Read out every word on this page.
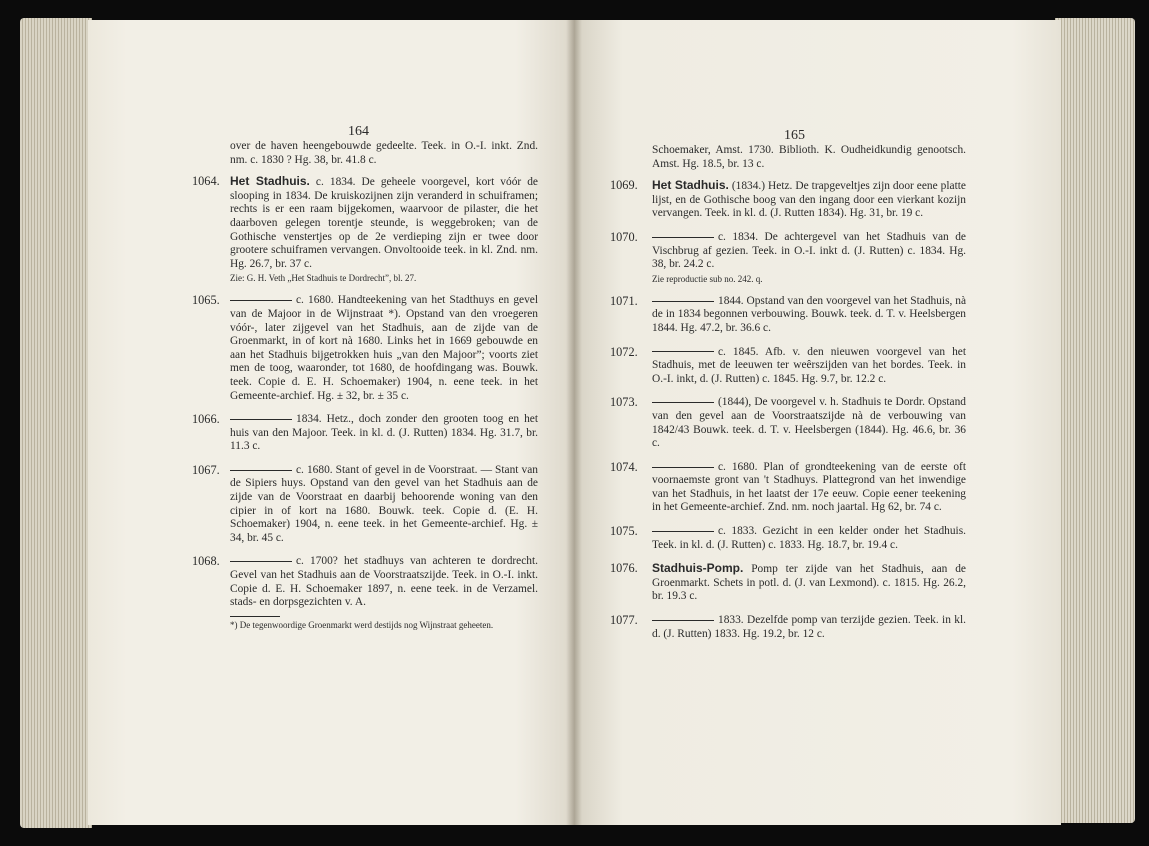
164	165
over de haven heengebouwde gedeelte. Teek. in O.-I. inkt. Znd. nm. c. 1830 ? Hg. 38, br. 41.8 c.
1064. Het Stadhuis. c. 1834. De geheele voorgevel, kort vóór de slooping in 1834. De kruiskozijnen zijn veranderd in schuiframen; rechts is er een raam bijgekomen, waarvoor de pilaster, die het daarboven gelegen torentje steunde, is weggebroken; van de Gothische venstertjes op de 2e verdieping zijn er twee door grootere schuiframen vervangen. Onvoltooide teek. in kl. Znd. nm. Hg. 26.7, br. 37 c.
Zie: G. H. Veth „Het Stadhuis te Dordrecht”, bl. 27.
1065.	c. 1680. Handteekening van het Stadthuys en gevel van de Majoor in de Wijnstraat *). Opstand van den vroegeren vóór-, later zijgevel van het Stadhuis, aan de zijde van de Groenmarkt, in of kort nà 1680. Links het in 1669 gebouwde en aan het Stadhuis bijgetrokken huis „van den Majoor”; voorts ziet men de toog, waaronder, tot 1680, de hoofdingang was. Bouwk. teek. Copie d. E. H. Schoemaker) 1904, n. eene teek. in het Gemeente-archief. Hg. ± 32, br. ± 35 c.
1066.	1834. Hetz., doch zonder den grooten toog en het huis van den Majoor. Teek. in kl. d. (J. Rutten) 1834. Hg. 31.7, br. 11.3 c.
1067.	c. 1680. Stant of gevel in de Voorstraat. — Stant van de Sipiers huys. Opstand van den gevel van het Stadhuis aan de zijde van de Voorstraat en daarbij behoorende woning van den cipier in of kort na 1680. Bouwk. teek. Copie d. (E. H. Schoemaker) 1904, n. eene teek. in het Gemeente-archief. Hg. ± 34, br. 45 c.
1068.	c. 1700? het stadhuys van achteren te dordrecht. Gevel van het Stadhuis aan de Voorstraatszijde. Teek. in O.-I. inkt. Copie d. E. H. Schoemaker 1897, n. eene teek. in de Verzamel. stads- en dorpsgezichten v. A.
*) De tegenwoordige Groenmarkt werd destijds nog Wijnstraat geheeten.
Schoemaker, Amst. 1730. Biblioth. K. Oudheidkundig genootsch. Amst. Hg. 18.5, br. 13 c.
1069.	Het Stadhuis. (1834.) Hetz. De trapgeveltjes zijn door eene platte lijst, en de Gothische boog van den ingang door een vierkant kozijn vervangen. Teek. in kl. d. (J. Rutten 1834). Hg. 31, br. 19 c.
1070.	c. 1834. De achtergevel van het Stadhuis van de Vischbrug af gezien. Teek. in O.-I. inkt d. (J. Rutten) c. 1834. Hg. 38, br. 24.2 c.
Zie reproductie sub no. 242. q.
1071.	1844. Opstand van den voorgevel van het Stadhuis, nà de in 1834 begonnen verbouwing. Bouwk. teek. d. T. v. Heelsbergen 1844. Hg. 47.2, br. 36.6 c.
1072.	c. 1845. Afb. v. den nieuwen voorgevel van het Stadhuis, met de leeuwen ter weêrszijden van het bordes. Teek. in O.-I. inkt, d. (J. Rutten) c. 1845. Hg. 9.7, br. 12.2 c.
1073.	(1844), De voorgevel v. h. Stadhuis te Dordr. Opstand van den gevel aan de Voorstraatszijde nà de verbouwing van 1842/43 Bouwk. teek. d. T. v. Heelsbergen (1844). Hg. 46.6, br. 36 c.
1074.	c. 1680. Plan of grondteekening van de eerste oft voornaemste gront van 't Stadhuys. Plattegrond van het inwendige van het Stadhuis, in het laatst der 17e eeuw. Copie eener teekening in het Gemeente-archief. Znd. nm. noch jaartal. Hg 62, br. 74 c.
1075.	c. 1833. Gezicht in een kelder onder het Stadhuis. Teek. in kl. d. (J. Rutten) c. 1833. Hg. 18.7, br. 19.4 c.
1076.	Stadhuis-Pomp. Pomp ter zijde van het Stadhuis, aan de Groenmarkt. Schets in potl. d. (J. van Lexmond). c. 1815. Hg. 26.2, br. 19.3 c.
1077.	1833. Dezelfde pomp van terzijde gezien. Teek. in kl. d. (J. Rutten) 1833. Hg. 19.2, br. 12 c.
